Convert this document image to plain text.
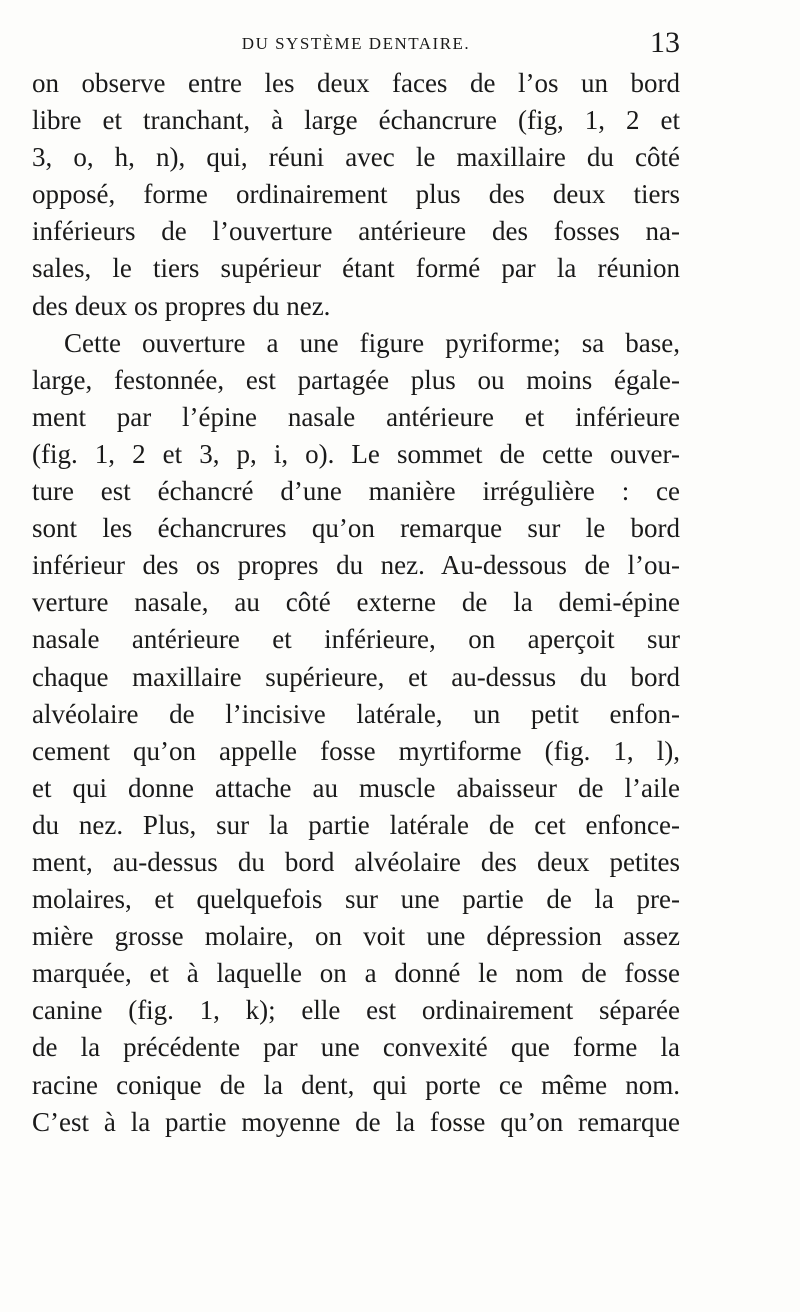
DU SYSTÈME DENTAIRE.	13
on observe entre les deux faces de l’os un bord
libre et tranchant, à large échancrure (fig, 1, 2 et
3, o, h, n), qui, réuni avec le maxillaire du côté
opposé, forme ordinairement plus des deux tiers
inférieurs de l’ouverture antérieure des fosses na-
sales, le tiers supérieur étant formé par la réunion
des deux os propres du nez.
Cette ouverture a une figure pyriforme; sa base,
large, festonnée, est partagée plus ou moins égale-
ment par l’épine nasale antérieure et inférieure
(fig. 1, 2 et 3, p, i, o). Le sommet de cette ouver-
ture est échancré d’une manière irrégulière : ce
sont les échancrures qu’on remarque sur le bord
inférieur des os propres du nez. Au-dessous de l’ou-
verture nasale, au côté externe de la demi-épine
nasale antérieure et inférieure, on aperçoit sur
chaque maxillaire supérieure, et au-dessus du bord
alvéolaire de l’incisive latérale, un petit enfon-
cement qu’on appelle fosse myrtiforme (fig. 1, l),
et qui donne attache au muscle abaisseur de l’aile
du nez. Plus, sur la partie latérale de cet enfonce-
ment, au-dessus du bord alvéolaire des deux petites
molaires, et quelquefois sur une partie de la pre-
mière grosse molaire, on voit une dépression assez
marquée, et à laquelle on a donné le nom de fosse
canine (fig. 1, k); elle est ordinairement séparée
de la précédente par une convexité que forme la
racine conique de la dent, qui porte ce même nom.
C’est à la partie moyenne de la fosse qu’on remarque
